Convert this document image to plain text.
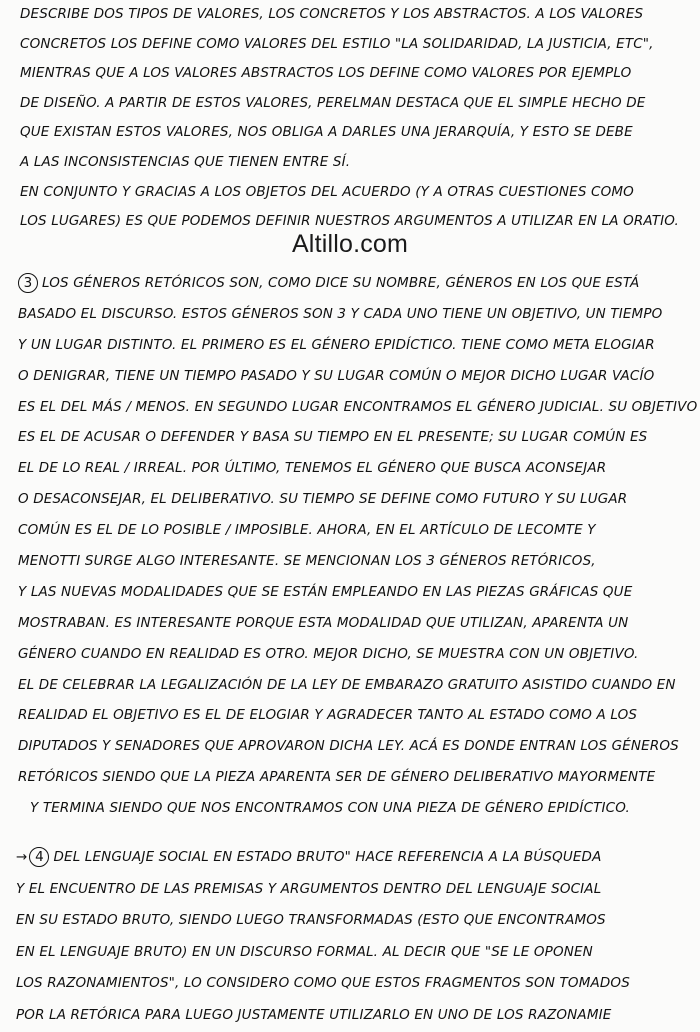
DESCRIBE DOS TIPOS DE VALORES, LOS CONCRETOS Y LOS ABSTRACTOS. A LOS VALORES
CONCRETOS LOS DEFINE COMO VALORES DEL ESTILO "LA SOLIDARIDAD, LA JUSTICIA, ETC",
MIENTRAS QUE A LOS VALORES ABSTRACTOS LOS DEFINE COMO VALORES POR EJEMPLO
DE DISEÑO. A PARTIR DE ESTOS VALORES, PERELMAN DESTACA QUE EL SIMPLE HECHO DE
QUE EXISTAN ESTOS VALORES, NOS OBLIGA A DARLES UNA JERARQUÍA, Y ESTO SE DEBE
A LAS INCONSISTENCIAS QUE TIENEN ENTRE SÍ.
EN CONJUNTO Y GRACIAS A LOS OBJETOS DEL ACUERDO (Y A OTRAS CUESTIONES COMO
LOS LUGARES) ES QUE PODEMOS DEFINIR NUESTROS ARGUMENTOS A UTILIZAR EN LA ORATIO.
Altillo.com
3 LOS GÉNEROS RETÓRICOS SON, COMO DICE SU NOMBRE, GÉNEROS EN LOS QUE ESTÁ
BASADO EL DISCURSO. ESTOS GÉNEROS SON 3 Y CADA UNO TIENE UN OBJETIVO, UN TIEMPO
Y UN LUGAR DISTINTO. EL PRIMERO ES EL GÉNERO EPIDÍCTICO. TIENE COMO META ELOGIAR
O DENIGRAR, TIENE UN TIEMPO PASADO Y SU LUGAR COMÚN O MEJOR DICHO LUGAR VACÍO
ES EL DEL MÁS / MENOS. EN SEGUNDO LUGAR ENCONTRAMOS EL GÉNERO JUDICIAL. SU OBJETIVO
ES EL DE ACUSAR O DEFENDER Y BASA SU TIEMPO EN EL PRESENTE; SU LUGAR COMÚN ES
EL DE LO REAL / IRREAL. POR ÚLTIMO, TENEMOS EL GÉNERO QUE BUSCA ACONSEJAR
O DESACONSEJAR, EL DELIBERATIVO. SU TIEMPO SE DEFINE COMO FUTURO Y SU LUGAR
COMÚN ES EL DE LO POSIBLE / IMPOSIBLE. AHORA, EN EL ARTÍCULO DE LECOMTE Y
MENOTTI SURGE ALGO INTERESANTE. SE MENCIONAN LOS 3 GÉNEROS RETÓRICOS,
Y LAS NUEVAS MODALIDADES QUE SE ESTÁN EMPLEANDO EN LAS PIEZAS GRÁFICAS QUE
MOSTRABAN. ES INTERESANTE PORQUE ESTA MODALIDAD QUE UTILIZAN, APARENTA UN
GÉNERO CUANDO EN REALIDAD ES OTRO. MEJOR DICHO, SE MUESTRA CON UN OBJETIVO.
EL DE CELEBRAR LA LEGALIZACIÓN DE LA LEY DE EMBARAZO GRATUITO ASISTIDO CUANDO EN
REALIDAD EL OBJETIVO ES EL DE ELOGIAR Y AGRADECER TANTO AL ESTADO COMO A LOS
DIPUTADOS Y SENADORES QUE APROVARON DICHA LEY. ACÁ ES DONDE ENTRAN LOS GÉNEROS
RETÓRICOS SIENDO QUE LA PIEZA APARENTA SER DE GÉNERO DELIBERATIVO MAYORMENTE
Y TERMINA SIENDO QUE NOS ENCONTRAMOS CON UNA PIEZA DE GÉNERO EPIDÍCTICO.
→ 4 DEL LENGUAJE SOCIAL EN ESTADO BRUTO" HACE REFERENCIA A LA BÚSQUEDA
Y EL ENCUENTRO DE LAS PREMISAS Y ARGUMENTOS DENTRO DEL LENGUAJE SOCIAL
EN SU ESTADO BRUTO, SIENDO LUEGO TRANSFORMADAS (ESTO QUE ENCONTRAMOS
EN EL LENGUAJE BRUTO) EN UN DISCURSO FORMAL. AL DECIR QUE "SE LE OPONEN
LOS RAZONAMIENTOS", LO CONSIDERO COMO QUE ESTOS FRAGMENTOS SON TOMADOS
POR LA RETÓRICA PARA LUEGO JUSTAMENTE UTILIZARLO EN UNO DE LOS RAZONAMIE
